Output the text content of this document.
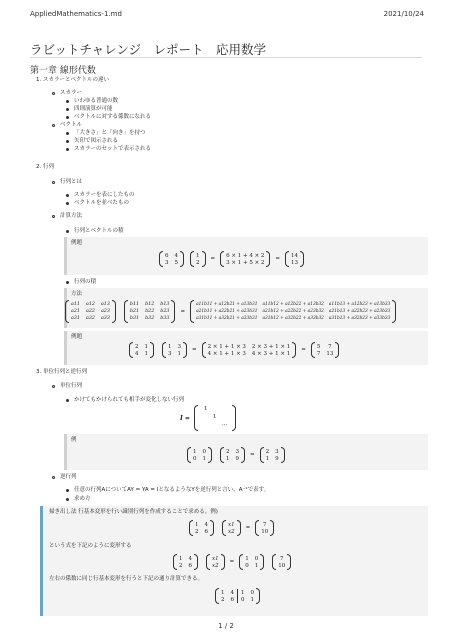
AppliedMathematics-1.md	2021/10/24
ラビットチャレンジ　レポート　応用数学
第一章 線形代数
1. スカラーとベクトルの違い
スカラー
いわゆる普通の数
四則演算が可能
ベクトルに対する係数になれる
ベクトル
「大きさ」と「向き」を持つ
矢印で図示される
スカラーのセットで表示される
2. 行列
行列とは
スカラーを表にしたもの
ベクトルを並べたもの
計算方法
行列とベクトルの積
例題
6 4
3 5
1
2
=
6 × 1 + 4 × 2
3 × 1 + 5 × 2
=
14
13
行列の積
方法
a11 a12 a13
a21 a22 a23
a31 a32 a33
b11 b12 b13
b21 b22 b23
b31 b32 b33
=
a11b11 + a12b21 + a13b31 a11b12 + a12b22 + a13b32 a11b13 + a12b23 + a13b33
a21b11 + a22b21 + a23b31 a21b12 + a22b22 + a23b32 a21b13 + a22b23 + a23b33
a31b11 + a32b21 + a33b31 a31b12 + a32b22 + a33b32 a31b13 + a32b23 + a33b33
例題
2 1
4 1
1 3
3 1
=
2 × 1 + 1 × 3 2 × 3 + 1 × 1
4 × 1 + 1 × 3 4 × 3 + 1 × 1
=
5 7
7 13
3. 単位行列と逆行列
単位行列
かけてもかけられても相手が変化しない行列
I =
1
1
...
例
1 0
0 1
2 3
1 9
=
2 3
1 9
逆行列
任意の行列AについてAY = YA = IとなるようなYを逆行列と言い、A⁻¹で表す。
求め方
掃き出し法 行基本変形を行い識別行列を作成することで求める。例)
1 4
2 6
x1
x2
=
7
10
という式を下記のように変形する
1 4
2 6
x1
x2
=
1 0
0 1
7
10
左右の係数に同じ行基本変形を行うと下記の通り計算できる。
1 4
2 6
1 0
0 1
1 / 2
